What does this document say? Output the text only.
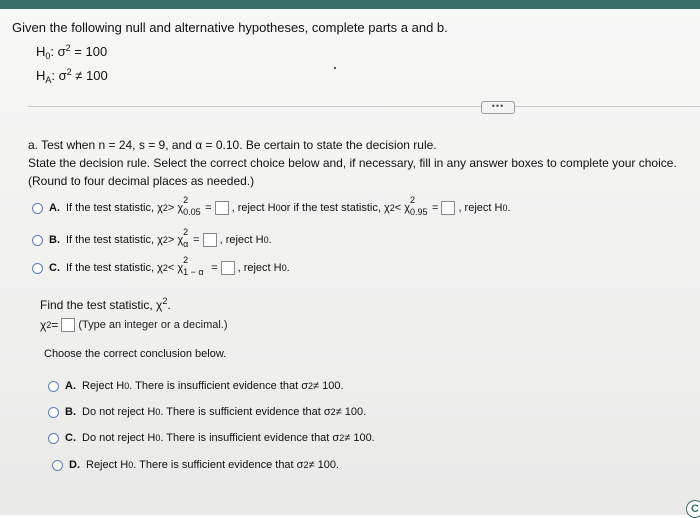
Given the following null and alternative hypotheses, complete parts a and b.
$H_0$: $\sigma^2 = 100$
$H_A$: $\sigma^2 \ne 100$
•••
a. Test when n = 24, s = 9, and α = 0.10. Be certain to state the decision rule.
State the decision rule. Select the correct choice below and, if necessary, fill in any answer boxes to complete your choice.
(Round to four decimal places as needed.)
A. If the test statistic, χ 2 > χ
2
0.05 = , reject H 0 or if the test statistic, χ 2 < χ
2
0.95 = , reject H 0 .
B. If the test statistic, χ 2 > χ
2
α = , reject H 0 .
C. If the test statistic, χ 2 < χ
2
1 − α = , reject H 0 .
Find the test statistic, $\chi^2$.
χ 2 = (Type an integer or a decimal.)
Choose the correct conclusion below.
A. Reject H 0 . There is insufficient evidence that σ 2 ≠ 100.
B. Do not reject H 0 . There is sufficient evidence that σ 2 ≠ 100.
C. Do not reject H 0 . There is insufficient evidence that σ 2 ≠ 100.
D. Reject H 0 . There is sufficient evidence that σ 2 ≠ 100.
C
